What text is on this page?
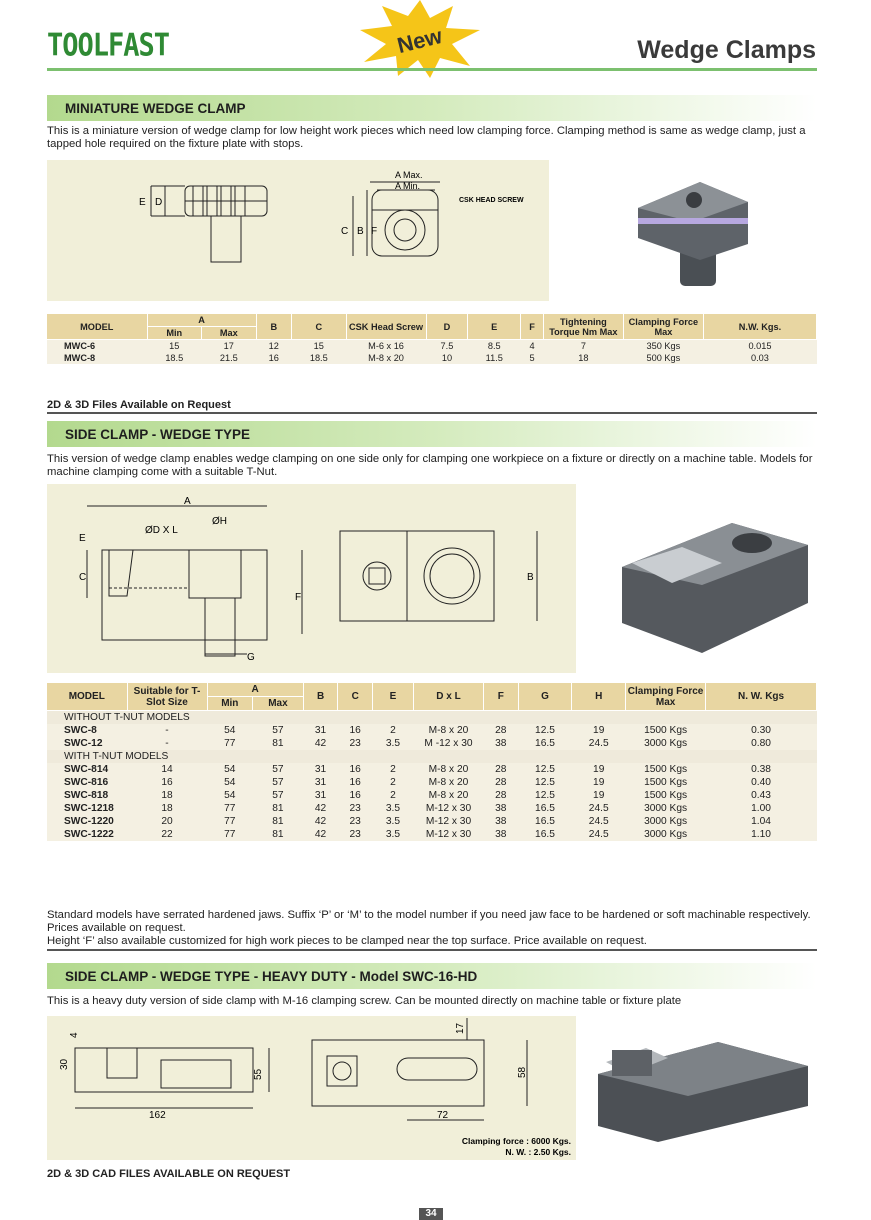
TOOLFAST	New	Wedge Clamps
MINIATURE WEDGE CLAMP
This is a miniature version of wedge clamp for low height work pieces which need low clamping force. Clamping method is same as wedge clamp, just a tapped hole required on the fixture plate with stops.
E D
A Max.
A Min.
C B F
CSK HEAD SCREW
MODEL	A		B	C	CSK Head Screw	D	E	F	Tightening Torque Nm Max	Clamping Force Max	N.W. Kgs.
	Min	Max									
MWC-6	15	17	12	15	M-6 x 16	7.5	8.5	4	7	350 Kgs	0.015
MWC-8	18.5	21.5	16	18.5	M-8 x 20	10	11.5	5	18	500 Kgs	0.03
2D & 3D Files Available on Request
SIDE CLAMP - WEDGE TYPE
This version of wedge clamp enables wedge clamping on one side only for clamping one workpiece on a fixture or directly on a machine table. Models for machine clamping come with a suitable T-Nut.
A
ØD X L
ØH
E
C
F
G
B
MODEL	Suitable for T-Slot Size	A		B	C	E	D x L	F	G	H	Clamping Force Max	N. W. Kgs
		Min	Max									
WITHOUT T-NUT MODELS												
SWC-8	-	54	57	31	16	2	M-8 x 20	28	12.5	19	1500 Kgs	0.30
SWC-12	-	77	81	42	23	3.5	M -12 x 30	38	16.5	24.5	3000 Kgs	0.80
WITH T-NUT MODELS												
SWC-814	14	54	57	31	16	2	M-8 x 20	28	12.5	19	1500 Kgs	0.38
SWC-816	16	54	57	31	16	2	M-8 x 20	28	12.5	19	1500 Kgs	0.40
SWC-818	18	54	57	31	16	2	M-8 x 20	28	12.5	19	1500 Kgs	0.43
SWC-1218	18	77	81	42	23	3.5	M-12 x 30	38	16.5	24.5	3000 Kgs	1.00
SWC-1220	20	77	81	42	23	3.5	M-12 x 30	38	16.5	24.5	3000 Kgs	1.04
SWC-1222	22	77	81	42	23	3.5	M-12 x 30	38	16.5	24.5	3000 Kgs	1.10
Standard models have serrated hardened jaws. Suffix ‘P’ or ‘M’ to the model number if you need jaw face to be hardened or soft machinable respectively. Prices available on request.
Height ‘F’ also available customized for high work pieces to be clamped near the top surface. Price available on request.
SIDE CLAMP - WEDGE TYPE - HEAVY DUTY - Model SWC-16-HD
This is a heavy duty version of side clamp with M-16 clamping screw. Can be mounted directly on machine table or fixture plate
4
30
55
162
17
58
72
Clamping force : 6000 Kgs.
N. W. : 2.50 Kgs.
2D & 3D CAD FILES AVAILABLE ON REQUEST
34
